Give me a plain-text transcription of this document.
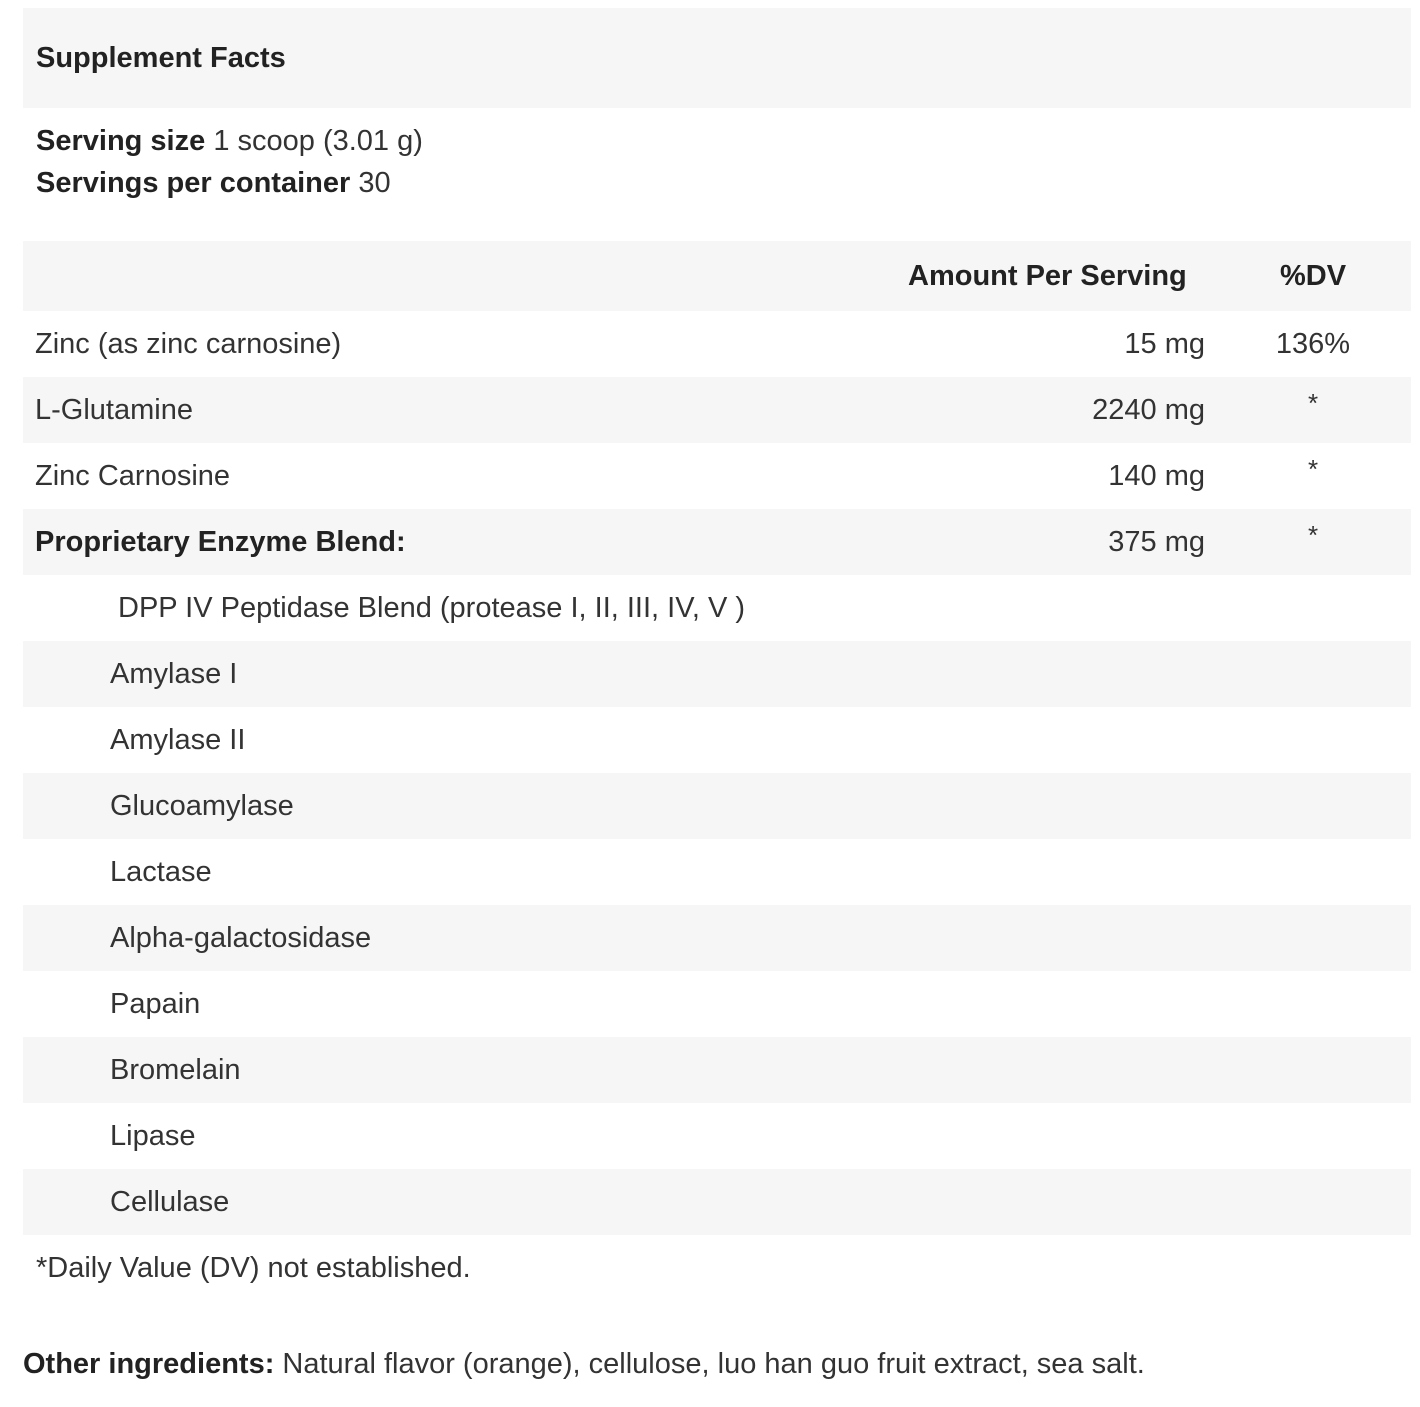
Supplement Facts
Serving size 1 scoop (3.01 g)
Servings per container 30
Amount Per Serving	%DV
Zinc (as zinc carnosine)	15 mg	136%
L-Glutamine	2240 mg	*
Zinc Carnosine	140 mg	*
Proprietary Enzyme Blend:	375 mg	*
DPP IV Peptidase Blend (protease I, II, III, IV, V )
Amylase I
Amylase II
Glucoamylase
Lactase
Alpha-galactosidase
Papain
Bromelain
Lipase
Cellulase
*Daily Value (DV) not established.
Other ingredients: Natural flavor (orange), cellulose, luo han guo fruit extract, sea salt.
